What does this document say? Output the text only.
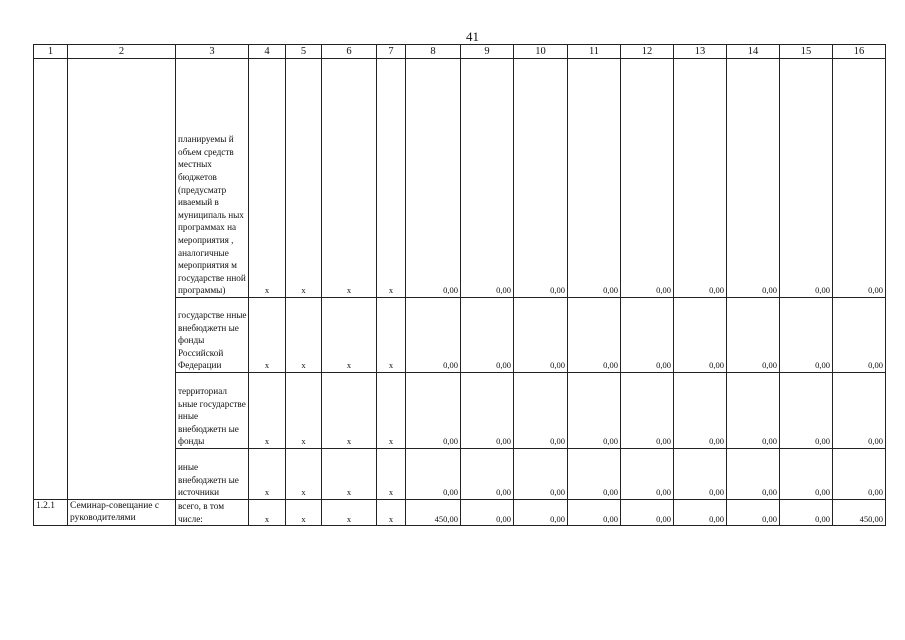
41
1	2	3	4	5	6	7	8	9	10	11	12	13	14	15	16
		планируемы й объем средств местных бюджетов (предусматр иваемый в муниципаль ных программах на мероприятия , аналогичные мероприятия м государстве нной программы)	x	x	x	x	0,00	0,00	0,00	0,00	0,00	0,00	0,00	0,00	0,00
		государстве нные внебюджетн ые фонды Российской Федерации	x	x	x	x	0,00	0,00	0,00	0,00	0,00	0,00	0,00	0,00	0,00
		территориал ьные государстве нные внебюджетн ые фонды	x	x	x	x	0,00	0,00	0,00	0,00	0,00	0,00	0,00	0,00	0,00
		иные внебюджетн ые источники	x	x	x	x	0,00	0,00	0,00	0,00	0,00	0,00	0,00	0,00	0,00
1.2.1	Семинар-совещание с руководителями	всего, в том числе:	x	x	x	x	450,00	0,00	0,00	0,00	0,00	0,00	0,00	0,00	450,00
